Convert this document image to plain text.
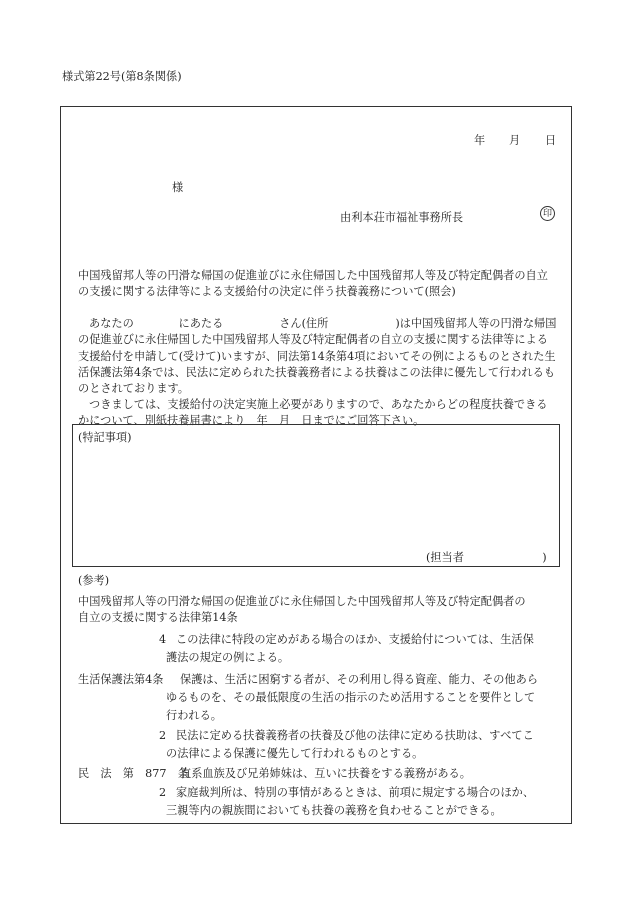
様式第22号(第8条関係)
年	月 日
様
由利本荘市福祉事務所長	印
中国残留邦人等の円滑な帰国の促進並びに永住帰国した中国残留邦人等及び特定配偶者の自立の支援に関する法律等による支援給付の決定に伴う扶養義務について(照会)
あなたの　　　　にあたる　　　　　さん(住所　　　　　　)は中国残留邦人等の円滑な帰国の促進並びに永住帰国した中国残留邦人等及び特定配偶者の自立の支援に関する法律等による支援給付を申請して(受けて)いますが、同法第14条第4項においてその例によるものとされた生活保護法第4条では、民法に定められた扶養義務者による扶養はこの法律に優先して行われるものとされております。
つきましては、支援給付の決定実施上必要がありますので、あなたからどの程度扶養できるかについて、別紙扶養届書により　年　月　日までにご回答下さい。
(特記事項)
(担当者　　　　　　　)
(参考)
中国残留邦人等の円滑な帰国の促進並びに永住帰国した中国残留邦人等及び特定配偶者の
自立の支援に関する法律第14条
4 この法律に特段の定めがある場合のほか、支援給付については、生活保
護法の規定の例による。
生活保護法第4条 保護は、生活に困窮する者が、その利用し得る資産、能力、その他あら
ゆるものを、その最低限度の生活の指示のため活用することを要件として
行われる。
2 民法に定める扶養義務者の扶養及び他の法律に定める扶助は、すべてこ
の法律による保護に優先して行われるものとする。
民　法　第　877　条
直系血族及び兄弟姉妹は、互いに扶養をする義務がある。
2 家庭裁判所は、特別の事情があるときは、前項に規定する場合のほか、
三親等内の親族間においても扶養の義務を負わせることができる。
